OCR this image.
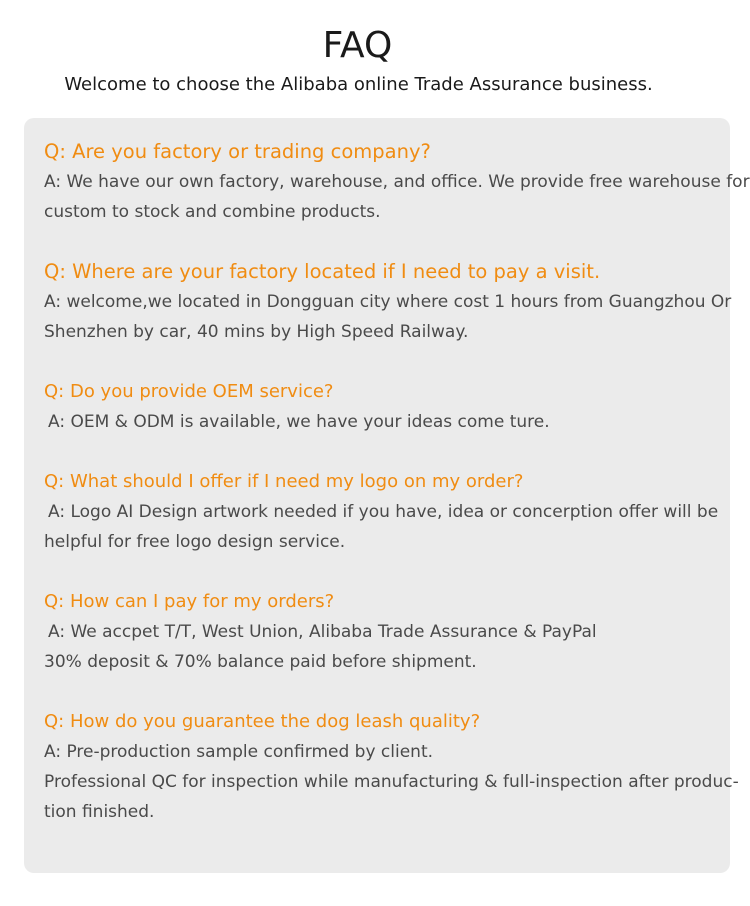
FAQ

Welcome to choose the Alibaba online Trade Assurance business.

Q: Are you factory or trading company?
A: We have our own factory, warehouse, and office. We provide free warehouse for
custom to stock and combine products.
Q: Where are your factory located if I need to pay a visit.
A: welcome,we located in Dongguan city where cost 1 hours from Guangzhou Or
Shenzhen by car, 40 mins by High Speed Railway.
Q: Do you provide OEM service?
A: OEM & ODM is available, we have your ideas come ture.
Q: What should I offer if I need my logo on my order?
A: Logo AI Design artwork needed if you have, idea or concerption offer will be
helpful for free logo design service.
Q: How can I pay for my orders?
A: We accpet T/T, West Union, Alibaba Trade Assurance & PayPal
30% deposit & 70% balance paid before shipment.
Q: How do you guarantee the dog leash quality?
A: Pre-production sample confirmed by client.
Professional QC for inspection while manufacturing & full-inspection after produc-
tion finished.
